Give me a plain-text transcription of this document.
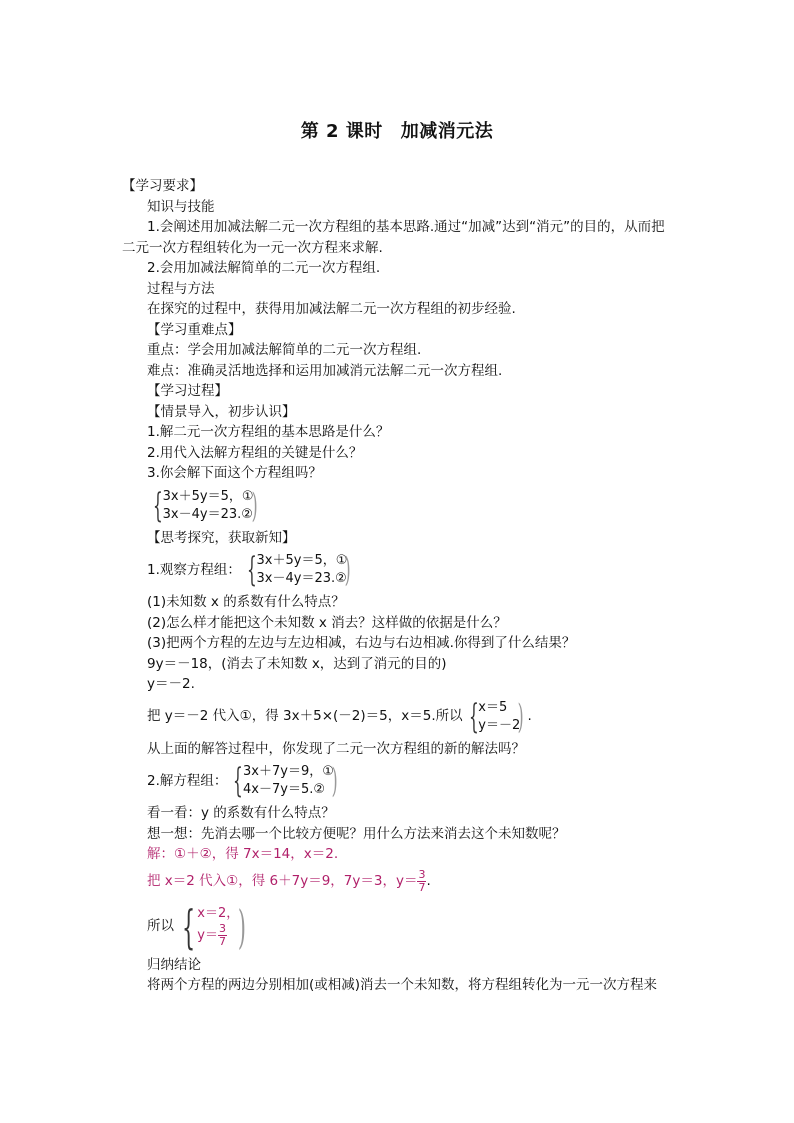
第 2 课时 加减消元法
【学习要求】
知识与技能
1.会阐述用加减法解二元一次方程组的基本思路.通过“加减”达到“消元”的目的，从而把二元一次方程组转化为一元一次方程来求解.
2.会用加减法解简单的二元一次方程组.
过程与方法
在探究的过程中，获得用加减法解二元一次方程组的初步经验.
【学习重难点】
重点：学会用加减法解简单的二元一次方程组.
难点：准确灵活地选择和运用加减消元法解二元一次方程组.
【学习过程】
【情景导入，初步认识】
1.解二元一次方程组的基本思路是什么？
2.用代入法解方程组的关键是什么？
3.你会解下面这个方程组吗？
{ 3x＋5y＝5，①
3x－4y＝23.②
)
【思考探究，获取新知】
1.观察方程组： { 3x＋5y＝5，①
3x－4y＝23.②
)
(1)未知数 x 的系数有什么特点？
(2)怎么样才能把这个未知数 x 消去？这样做的依据是什么？
(3)把两个方程的左边与左边相减，右边与右边相减.你得到了什么结果？
9y＝－18，(消去了未知数 x，达到了消元的目的)
y＝－2.
把 y＝－2 代入①，得 3x＋5×(－2)＝5，x＝5.所以 { x＝5
y＝－2
) .
从上面的解答过程中，你发现了二元一次方程组的新的解法吗？
2.解方程组： { 3x＋7y＝9，①
4x－7y＝5.② )
看一看：y 的系数有什么特点？
想一想：先消去哪一个比较方便呢？用什么方法来消去这个未知数呢？
解：①＋②，得 7x＝14，x＝2.
把 x＝2 代入①，得 6＋7y＝9，7y＝3，$y= \frac{3}{7}$ .
所以 { x＝2，
$y= \frac{3}{7}$ )
归纳结论
将两个方程的两边分别相加(或相减)消去一个未知数，将方程组转化为一元一次方程来
